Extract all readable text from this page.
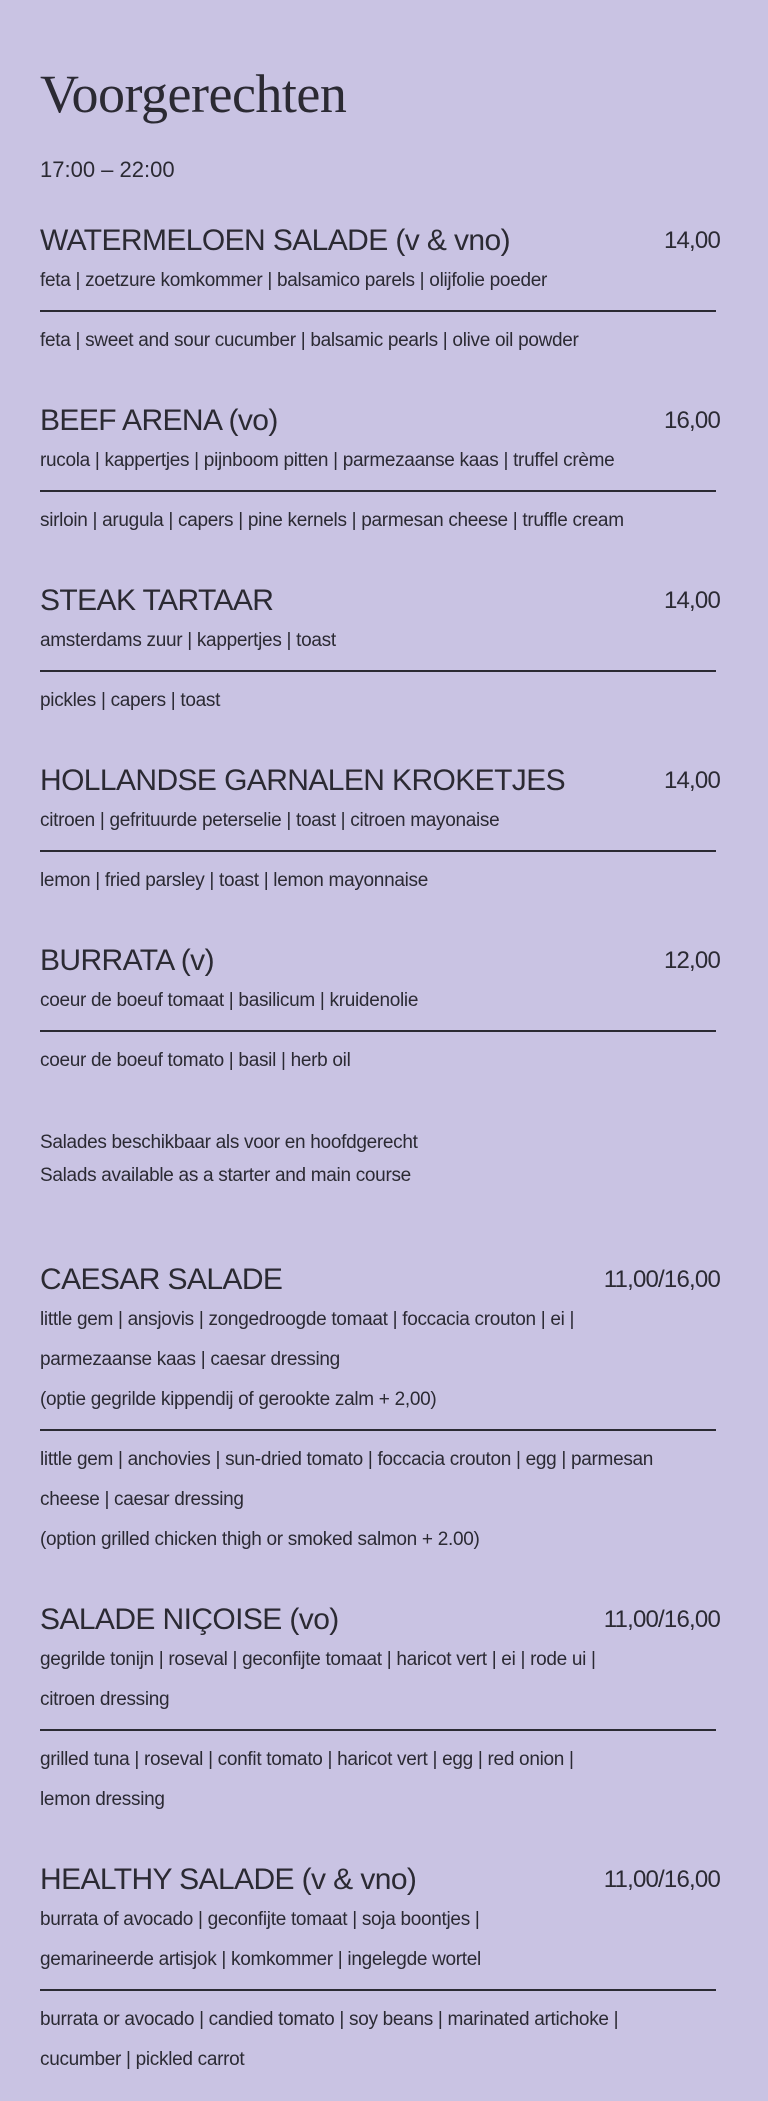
Voorgerechten
17:00 – 22:00
WATERMELOEN SALADE (v & vno)	14,00
feta | zoetzure komkommer | balsamico parels | olijfolie poeder
feta | sweet and sour cucumber | balsamic pearls | olive oil powder
BEEF ARENA (vo)	16,00
rucola | kappertjes | pijnboom pitten | parmezaanse kaas | truffel crème
sirloin | arugula | capers | pine kernels | parmesan cheese | truffle cream
STEAK TARTAAR	14,00
amsterdams zuur | kappertjes | toast
pickles | capers | toast
HOLLANDSE GARNALEN KROKETJES	14,00
citroen | gefrituurde peterselie | toast | citroen mayonaise
lemon | fried parsley | toast | lemon mayonnaise
BURRATA (v)	12,00
coeur de boeuf tomaat | basilicum | kruidenolie
coeur de boeuf tomato | basil | herb oil
Salades beschikbaar als voor en hoofdgerecht
Salads available as a starter and main course
CAESAR SALADE	11,00/16,00
little gem | ansjovis | zongedroogde tomaat | foccacia crouton | ei |
parmezaanse kaas | caesar dressing
(optie gegrilde kippendij of gerookte zalm + 2,00)
little gem | anchovies | sun-dried tomato | foccacia crouton | egg | parmesan
cheese | caesar dressing
(option grilled chicken thigh or smoked salmon + 2.00)
SALADE NIÇOISE (vo)	11,00/16,00
gegrilde tonijn | roseval | geconfijte tomaat | haricot vert | ei | rode ui |
citroen dressing
grilled tuna | roseval | confit tomato | haricot vert | egg | red onion |
lemon dressing
HEALTHY SALADE (v & vno)	11,00/16,00
burrata of avocado | geconfijte tomaat | soja boontjes |
gemarineerde artisjok | komkommer | ingelegde wortel
burrata or avocado | candied tomato | soy beans | marinated artichoke |
cucumber | pickled carrot
